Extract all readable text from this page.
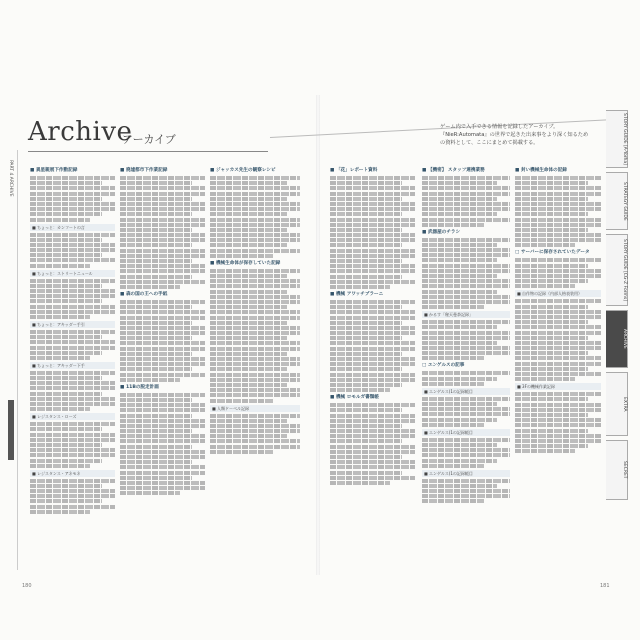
PART 4 ARCHIVE
Archive
アーカイブ
ゲーム内で入手できる情報を記録したアーカイブ。『NieR:Automata』の世界で起きた出来事をより深く知るための資料として、ここにまとめて掲載する。
■ 異星親展下作動記録
■ ちょっと：カンフートの言
■ ちょっと：ストリートニュール
■ ちょっと：アキッダー手引
■ ちょっと：アキッダー下手
■ レジスタンス・ローズ
■ レジスタンス・アネモネ
■ 廃墟都市下作業記録
■ 森の国の王への手紙
■ 11Bの脱走計画
■ ジャッカス先生の観察レシピ
■ 機械生命体が保存していた記録
■ 人類ドーベル記録
■ 「花」レポート資料
■ 機械 アワッチブラーニ
■ 機械 ロモルガ書類帳
■ 【機密】 スタッフ連携業務
■ 武器屋のチラシ
■ かるす「秘天曼荼記録」
□ エンゲルスの記事
■ エンゲルス(1の記録帳目
■ エンゲルス(1の記録帳目
■ エンゲルス(1の記録帳目
■ 封い機械生命体の記録
□ サーバーに保存されていたデータ
■ 自作物の記録（内部人格表装用）
■ 3Fの機械作業記録
STORY GUIDE [A-Yorha]
STRATEGY GUIDE
STORY GUIDE [CG-Z Forms]
ARCHIVE
EXTRA
SECRET
180	181
